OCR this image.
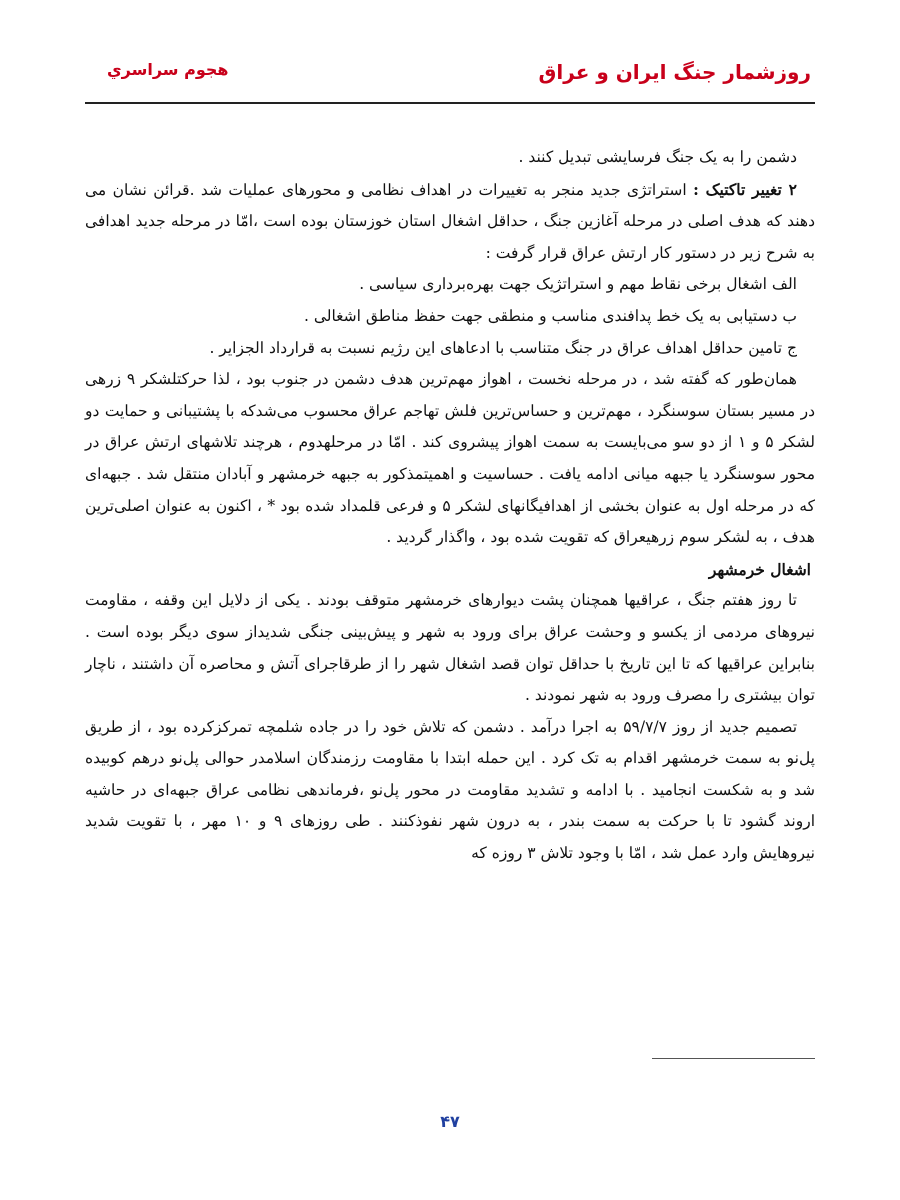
روزشمار جنگ ایران و عراق
هجوم سراسري

دشمن را به یک جنگ فرسایشی تبدیل کنند .

۲ تغییر تاکتیک : استراتژی جدید منجر به تغییرات در اهداف نظامی و محورهای عملیات شد .قرائن نشان می دهند که هدف اصلی در مرحله آغازین جنگ ، حداقل اشغال استان خوزستان بوده است ،امّا در مرحله جدید اهدافی به شرح زیر در دستور کار ارتش عراق قرار گرفت :

الف اشغال برخی نقاط مهم و استراتژیک جهت بهره‌برداری سیاسی .

ب دستیابی به یک خط پدافندی مناسب و منطقی جهت حفظ مناطق اشغالی .

ج تامین حداقل اهداف عراق در جنگ متناسب با ادعاهای این رژیم نسبت به قرارداد الجزایر .

همان‌طور که گفته شد ، در مرحله نخست ، اهواز مهم‌ترین هدف دشمن در جنوب بود ، لذا حرکتلشکر ۹ زرهی در مسیر بستان سوسنگرد ، مهم‌ترین و حساس‌ترین فلش تهاجم عراق محسوب می‌شدکه با پشتیبانی و حمایت دو لشکر ۵ و ۱ از دو سو می‌بایست به سمت اهواز پیشروی کند . امّا در مرحلهدوم ، هرچند تلاشهای ارتش عراق در محور سوسنگرد یا جبهه میانی ادامه یافت . حساسیت و اهمیتمذکور به جبهه خرمشهر و آبادان منتقل شد . جبهه‌ای که در مرحله اول به عنوان بخشی از اهدافیگانهای لشکر ۵ و فرعی قلمداد شده بود * ، اکنون به عنوان اصلی‌ترین هدف ، به لشکر سوم زرهیعراق که تقویت شده بود ، واگذار گردید .

اشغال خرمشهر

تا روز هفتم جنگ ، عراقیها همچنان پشت دیوارهای خرمشهر متوقف بودند . یکی از دلایل این وقفه ، مقاومت نیروهای مردمی از یکسو و وحشت عراق برای ورود به شهر و پیش‌بینی جنگی شدیداز سوی دیگر بوده است . بنابراین عراقیها که تا این تاریخ با حداقل توان قصد اشغال شهر را از طرقاجرای آتش و محاصره آن داشتند ، ناچار توان بیشتری را مصرف ورود به شهر نمودند .

تصمیم جدید از روز ۵۹/۷/۷ به اجرا درآمد . دشمن که تلاش خود را در جاده شلمچه تمرکزکرده بود ، از طریق پل‌نو به سمت خرمشهر اقدام به تک کرد . این حمله ابتدا با مقاومت رزمندگان اسلامدر حوالی پل‌نو درهم کوبیده شد و به شکست انجامید . با ادامه و تشدید مقاومت در محور پل‌نو ،فرماندهی نظامی عراق جبهه‌ای در حاشیه اروند گشود تا با حرکت به سمت بندر ، به درون شهر نفوذکنند . طی روزهای ۹ و ۱۰ مهر ، با تقویت شدید نیروهایش وارد عمل شد ، امّا با وجود تلاش ۳ روزه که

۴۷
